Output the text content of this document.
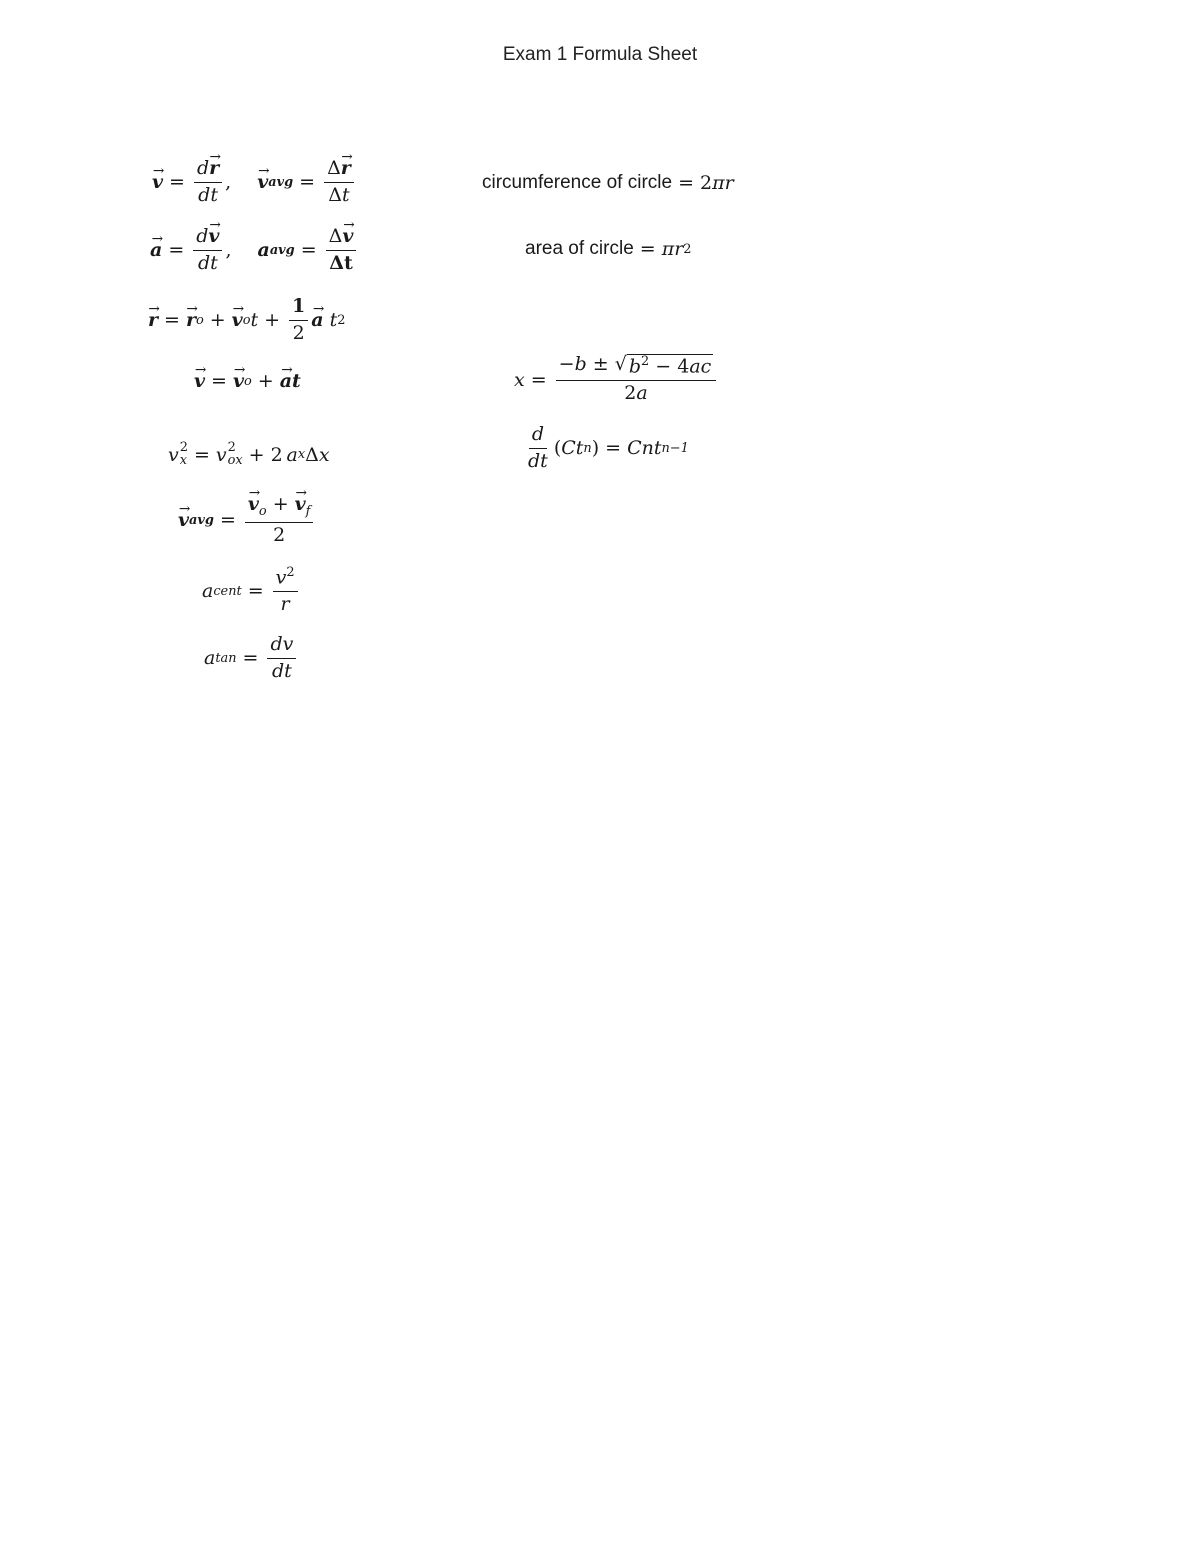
Exam 1 Formula Sheet
→ $v = \frac{d\to r}{dt}$ ,
→ v avg = $\frac{\Delta\to r}{\Delta t}$
→ $a = \frac{d\to v}{dt}$ , a avg = $\frac{\Delta\to v}{\Delta t}$
→ r =
→ r o +
→ v o $t + \frac{1}{2}$
→ a
t 2
→ v =
→ v o +
→ a t
v 2
x = v 2
ox + 2  a x Δ x
→ v avg =
→ $\frac{v_o +\to v_f}{2}$
a cent = $\frac{v^2}{r}$
a $\tan = \frac{dv}{dt}$
circumference of circle = 2 πr
area of circle = πr 2
$x = \frac{-b \pm √ b^2 - 4ac}{2a}$
$\frac{d}{dt}$ ( Ct n ) = Cnt n−1
